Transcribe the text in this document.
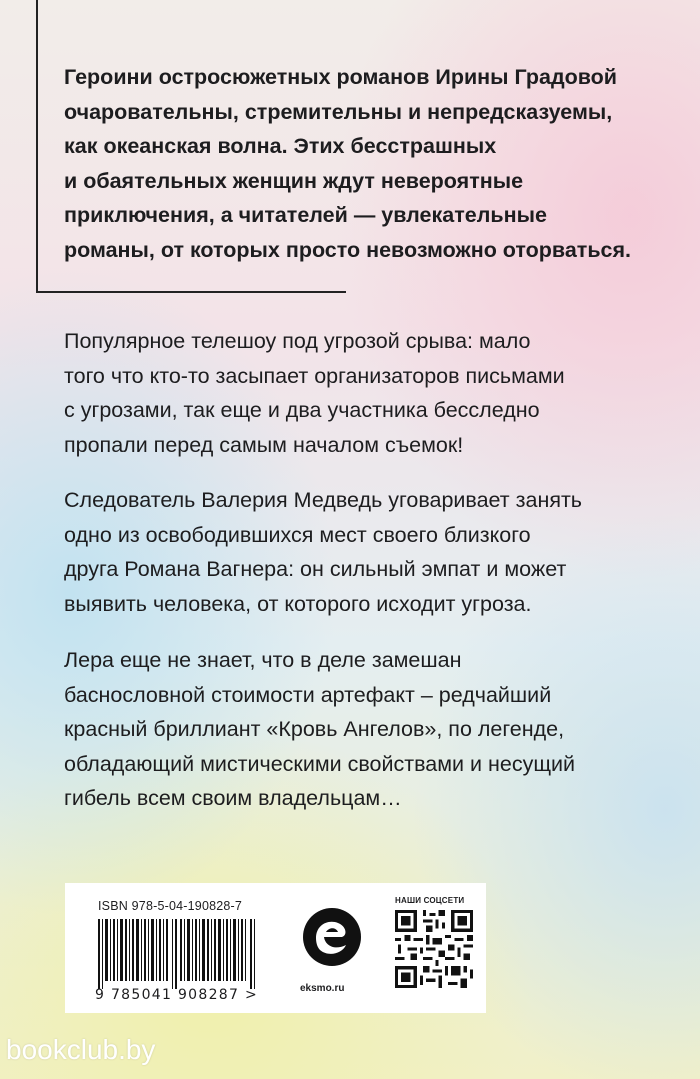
Героини остросюжетных романов Ирины Градовой
очаровательны, стремительны и непредсказуемы,
как океанская волна. Этих бесстрашных
и обаятельных женщин ждут невероятные
приключения, а читателей — увлекательные
романы, от которых просто невозможно оторваться.

Популярное телешоу под угрозой срыва: мало
того что кто-то засыпает организаторов письмами
с угрозами, так еще и два участника бесследно
пропали перед самым началом съемок!

Следователь Валерия Медведь уговаривает занять
одно из освободившихся мест своего близкого
друга Романа Вагнера: он сильный эмпат и может
выявить человека, от которого исходит угроза.

Лера еще не знает, что в деле замешан
баснословной стоимости артефакт – редчайший
красный бриллиант «Кровь Ангелов», по легенде,
обладающий мистическими свойствами и несущий
гибель всем своим владельцам…

ISBN 978-5-04-190828-7
9 785041 908287 >	eksmo.ru
НАШИ СОЦСЕТИ
bookclub.by
